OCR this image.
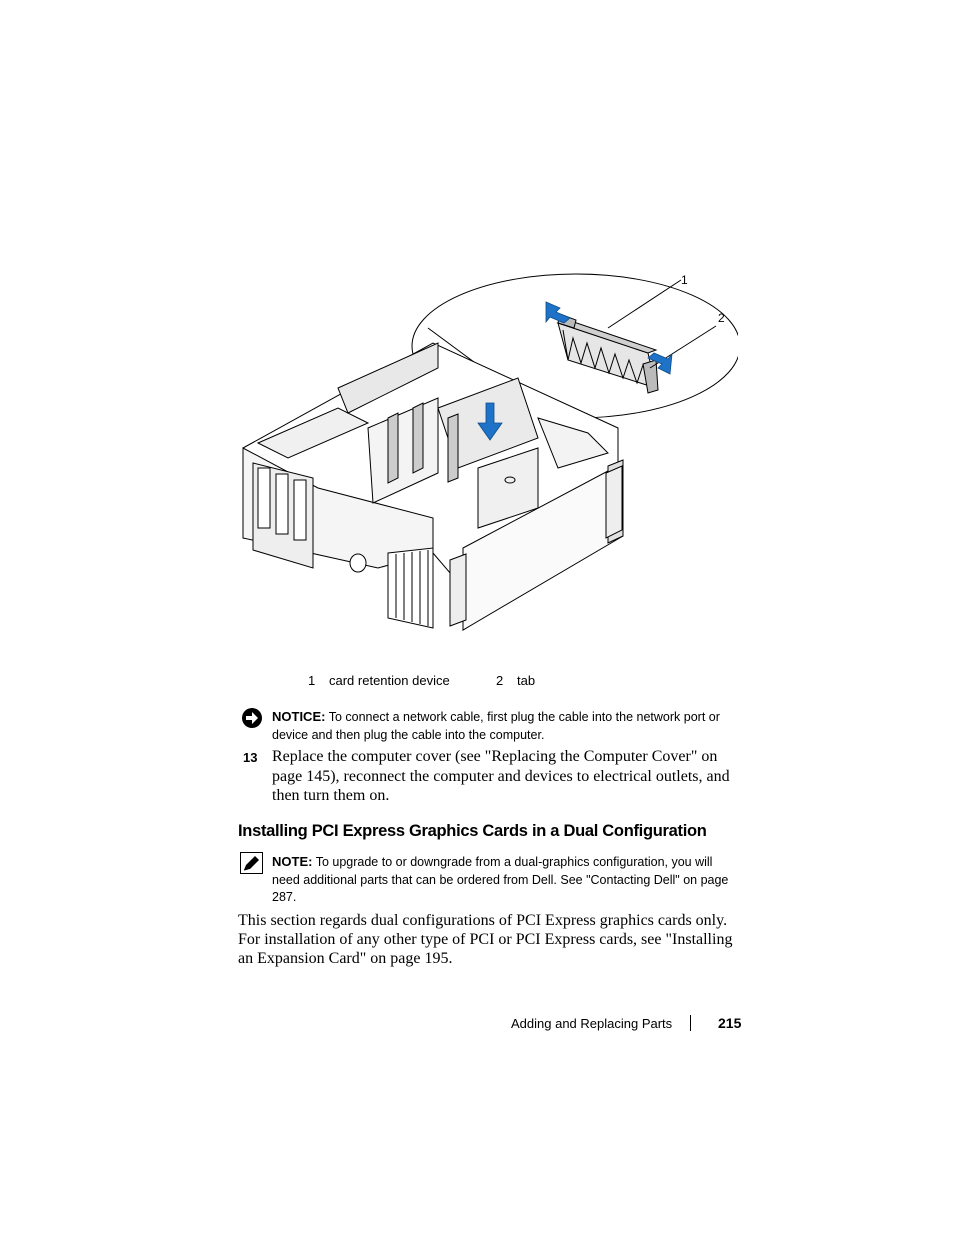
1
2
1 card retention device	2 tab
NOTICE: To connect a network cable, first plug the cable into the network port or device and then plug the cable into the computer.
13 Replace the computer cover (see "Replacing the Computer Cover" on page 145), reconnect the computer and devices to electrical outlets, and then turn them on.
Installing PCI Express Graphics Cards in a Dual Configuration
NOTE: To upgrade to or downgrade from a dual-graphics configuration, you will need additional parts that can be ordered from Dell. See "Contacting Dell" on page 287.
This section regards dual configurations of PCI Express graphics cards only. For installation of any other type of PCI or PCI Express cards, see "Installing an Expansion Card" on page 195.
Adding and Replacing Parts	215
